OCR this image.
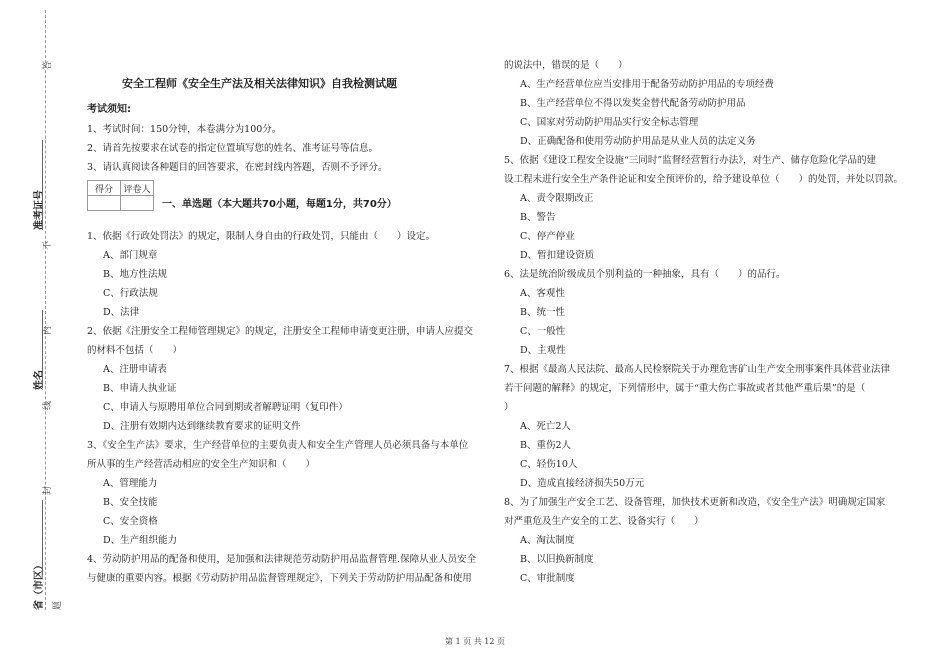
答
不
内
线
封
准考证号
姓名
省（市区） 题
安全工程师《安全生产法及相关法律知识》自我检测试题
考试须知:

1、考试时间：150分钟，本卷满分为100分。

2、请首先按要求在试卷的指定位置填写您的姓名、准考证号等信息。

3、请认真阅读各种题目的回答要求，在密封线内答题，否则不予评分。

得分	评卷人

一、单选题（本大题共70小题，每题1分，共70分）

1、依据《行政处罚法》的规定，限制人身自由的行政处罚，只能由（　　）设定。

A、部门规章

B、地方性法规

C、行政法规

D、法律

2、依据《注册安全工程师管理规定》的规定，注册安全工程师申请变更注册，申请人应提交

的材料不包括（　　）

A、注册申请表

B、申请人执业证

C、申请人与原聘用单位合同到期或者解聘证明（复印件）

D、注册有效期内达到继续教育要求的证明文件

3、《安全生产法》要求，生产经营单位的主要负责人和安全生产管理人员必须具备与本单位

所从事的生产经营活动相应的安全生产知识和（　　）

A、管理能力

B、安全技能

C、安全资格

D、生产组织能力

4、劳动防护用品的配备和使用，是加强和法律规范劳动防护用品监督管理.保障从业人员安全

与健康的重要内容。根据《劳动防护用品监督管理规定》，下列关于劳动防护用品配备和使用

的说法中，错误的是（　　）

A、生产经营单位应当安排用于配备劳动防护用品的专项经费

B、生产经营单位不得以发奖金替代配备劳动防护用品

C、国家对劳动防护用品实行安全标志管理

D、正确配备和使用劳动防护用品是从业人员的法定义务

5、依据《建设工程安全设施“三同时”监督经营暂行办法》，对生产、储存危险化学品的建

设工程未进行安全生产条件论证和安全预评价的，给予建设单位（　　）的处罚，并处以罚款。

A、责令限期改正

B、警告

C、停产停业

D、暂扣建设资质

6、法是统治阶级成员个别利益的一种抽象，具有（　　）的品行。

A、客观性

B、统一性

C、一般性

D、主观性

7、根据《最高人民法院、最高人民检察院关于办理危害矿山生产安全刑事案件具体营业法律

若干问题的解释》的规定，下列情形中，属于“重大伤亡事故或者其他严重后果”的是（

）

A、死亡2人

B、重伤2人

C、轻伤10人

D、造成直接经济损失50万元

8、为了加强生产安全工艺、设备管理，加快技术更新和改造，《安全生产法》明确规定国家

对严重危及生产安全的工艺、设备实行（　　）

A、淘汰制度

B、以旧换新制度

C、审批制度

第 1 页 共 12 页
